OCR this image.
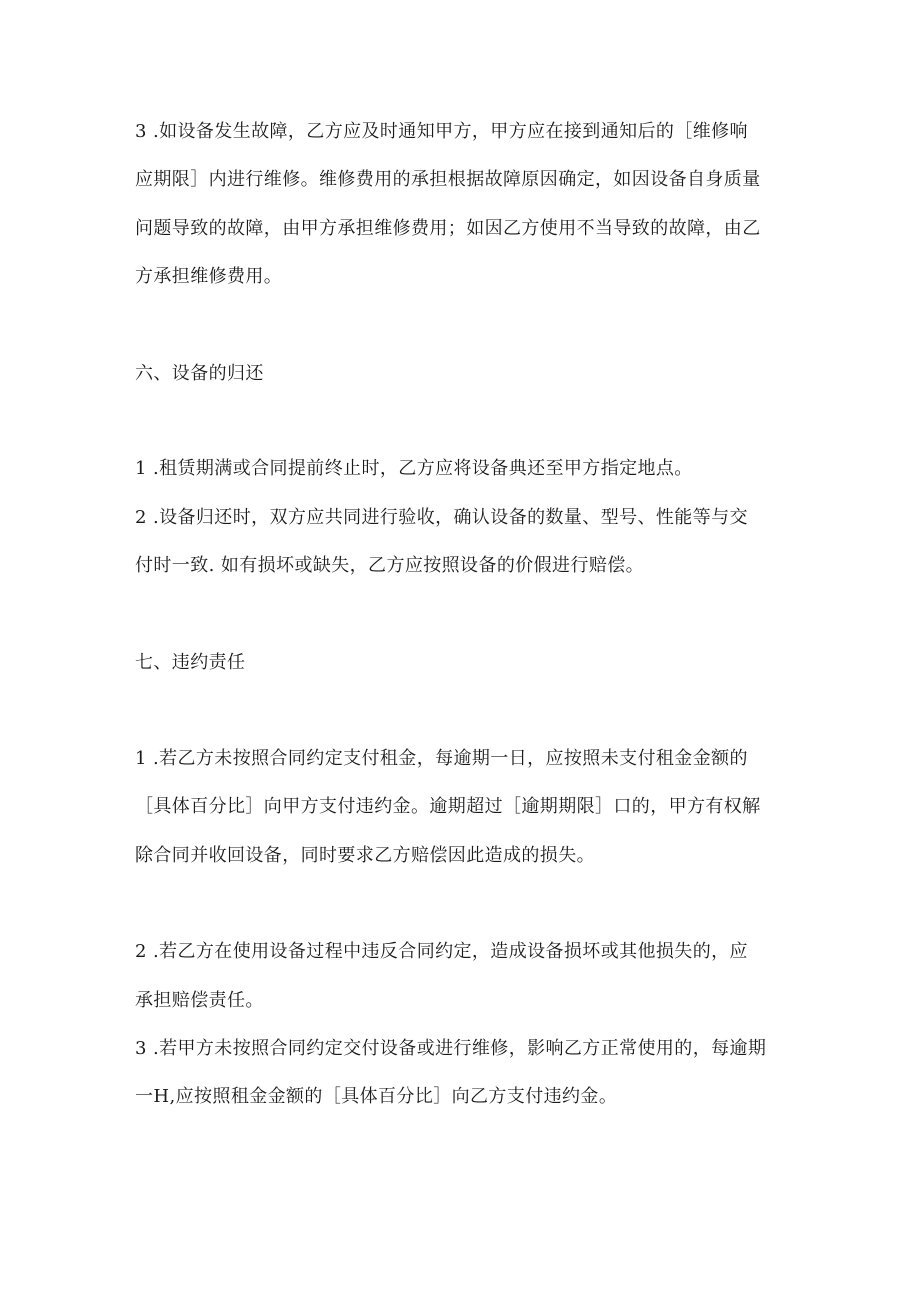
3 .如设备发生故障，乙方应及时通知甲方，甲方应在接到通知后的［维修响
应期限］内进行维修。维修费用的承担根据故障原因确定，如因设备自身质量
问题导致的故障，由甲方承担维修费用；如因乙方使用不当导致的故障，由乙
方承担维修费用。
六、设备的归还
1 .租赁期满或合同提前终止时，乙方应将设备典还至甲方指定地点。
2 .设备归还时，双方应共同进行验收，确认设备的数量、型号、性能等与交
付时一致. 如有损坏或缺失，乙方应按照设备的价假进行赔偿。
七、违约责任
1 .若乙方未按照合同约定支付租金，每逾期一日，应按照未支付租金金额的
［具体百分比］向甲方支付违约金。逾期超过［逾期期限］口的，甲方有权解
除合同并收回设备，同时要求乙方赔偿因此造成的损失。
2 .若乙方在使用设备过程中违反合同约定，造成设备损坏或其他损失的，应
承担赔偿责任。
3 .若甲方未按照合同约定交付设备或进行维修，影响乙方正常使用的，每逾期
一H,应按照租金金额的［具体百分比］向乙方支付违约金。
